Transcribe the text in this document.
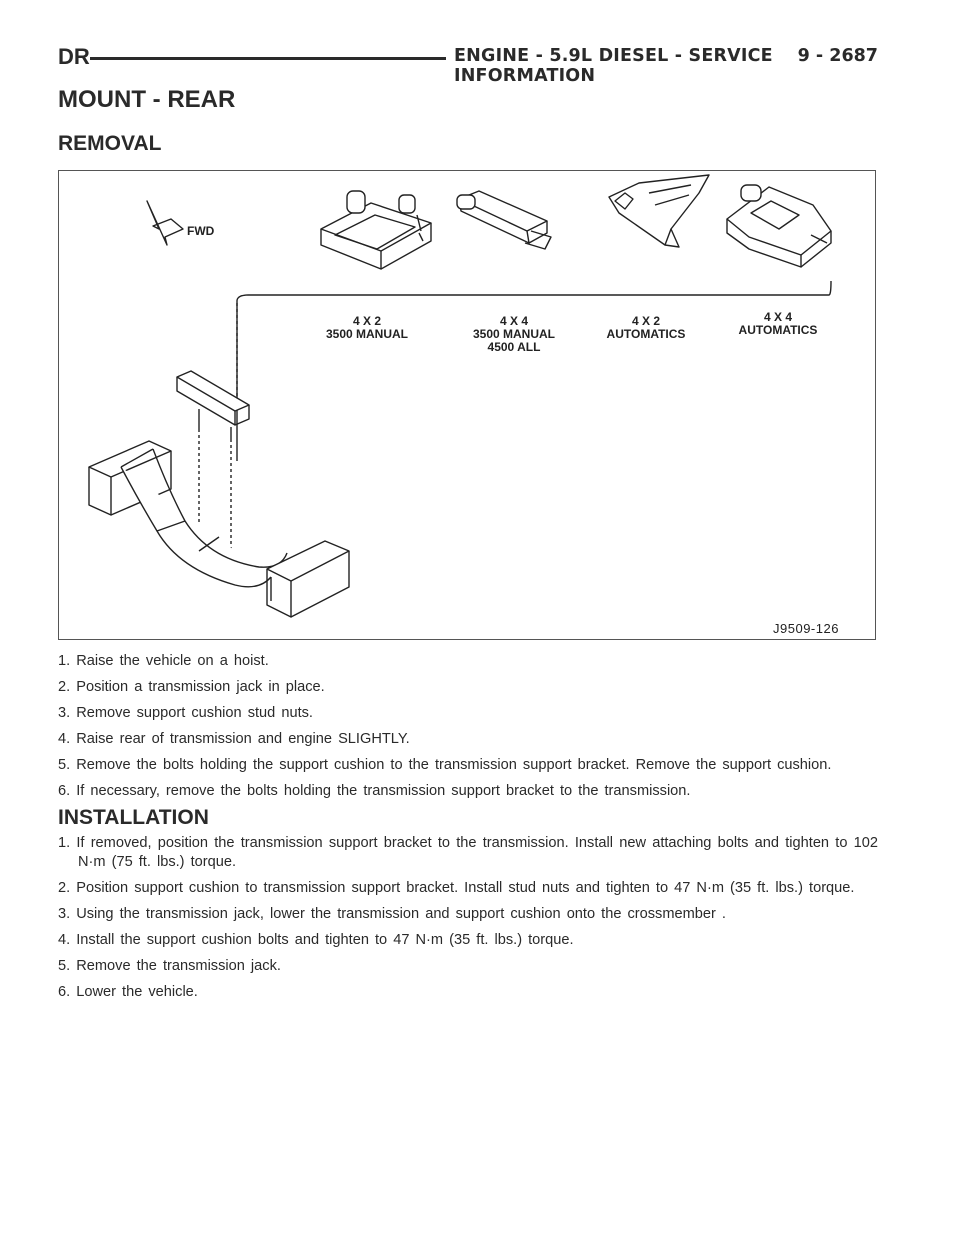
DR	ENGINE - 5.9L DIESEL - SERVICE INFORMATION
9 - 2687
MOUNT - REAR
REMOVAL
FWD
4 X 2
3500 MANUAL
4 X 4
3500 MANUAL
4500 ALL
4 X 2
AUTOMATICS
4 X 4
AUTOMATICS
J9509-126
1. Raise the vehicle on a hoist.
2. Position a transmission jack in place.
3. Remove support cushion stud nuts.
4. Raise rear of transmission and engine SLIGHTLY.
5. Remove the bolts holding the support cushion to the transmission support bracket. Remove the support cushion.
6. If necessary, remove the bolts holding the transmission support bracket to the transmission.
INSTALLATION
1. If removed, position the transmission support bracket to the transmission. Install new attaching bolts and tighten to 102 N·m (75 ft. lbs.) torque.
2. Position support cushion to transmission support bracket. Install stud nuts and tighten to 47 N·m (35 ft. lbs.) torque.
3. Using the transmission jack, lower the transmission and support cushion onto the crossmember .
4. Install the support cushion bolts and tighten to 47 N·m (35 ft. lbs.) torque.
5. Remove the transmission jack.
6. Lower the vehicle.
